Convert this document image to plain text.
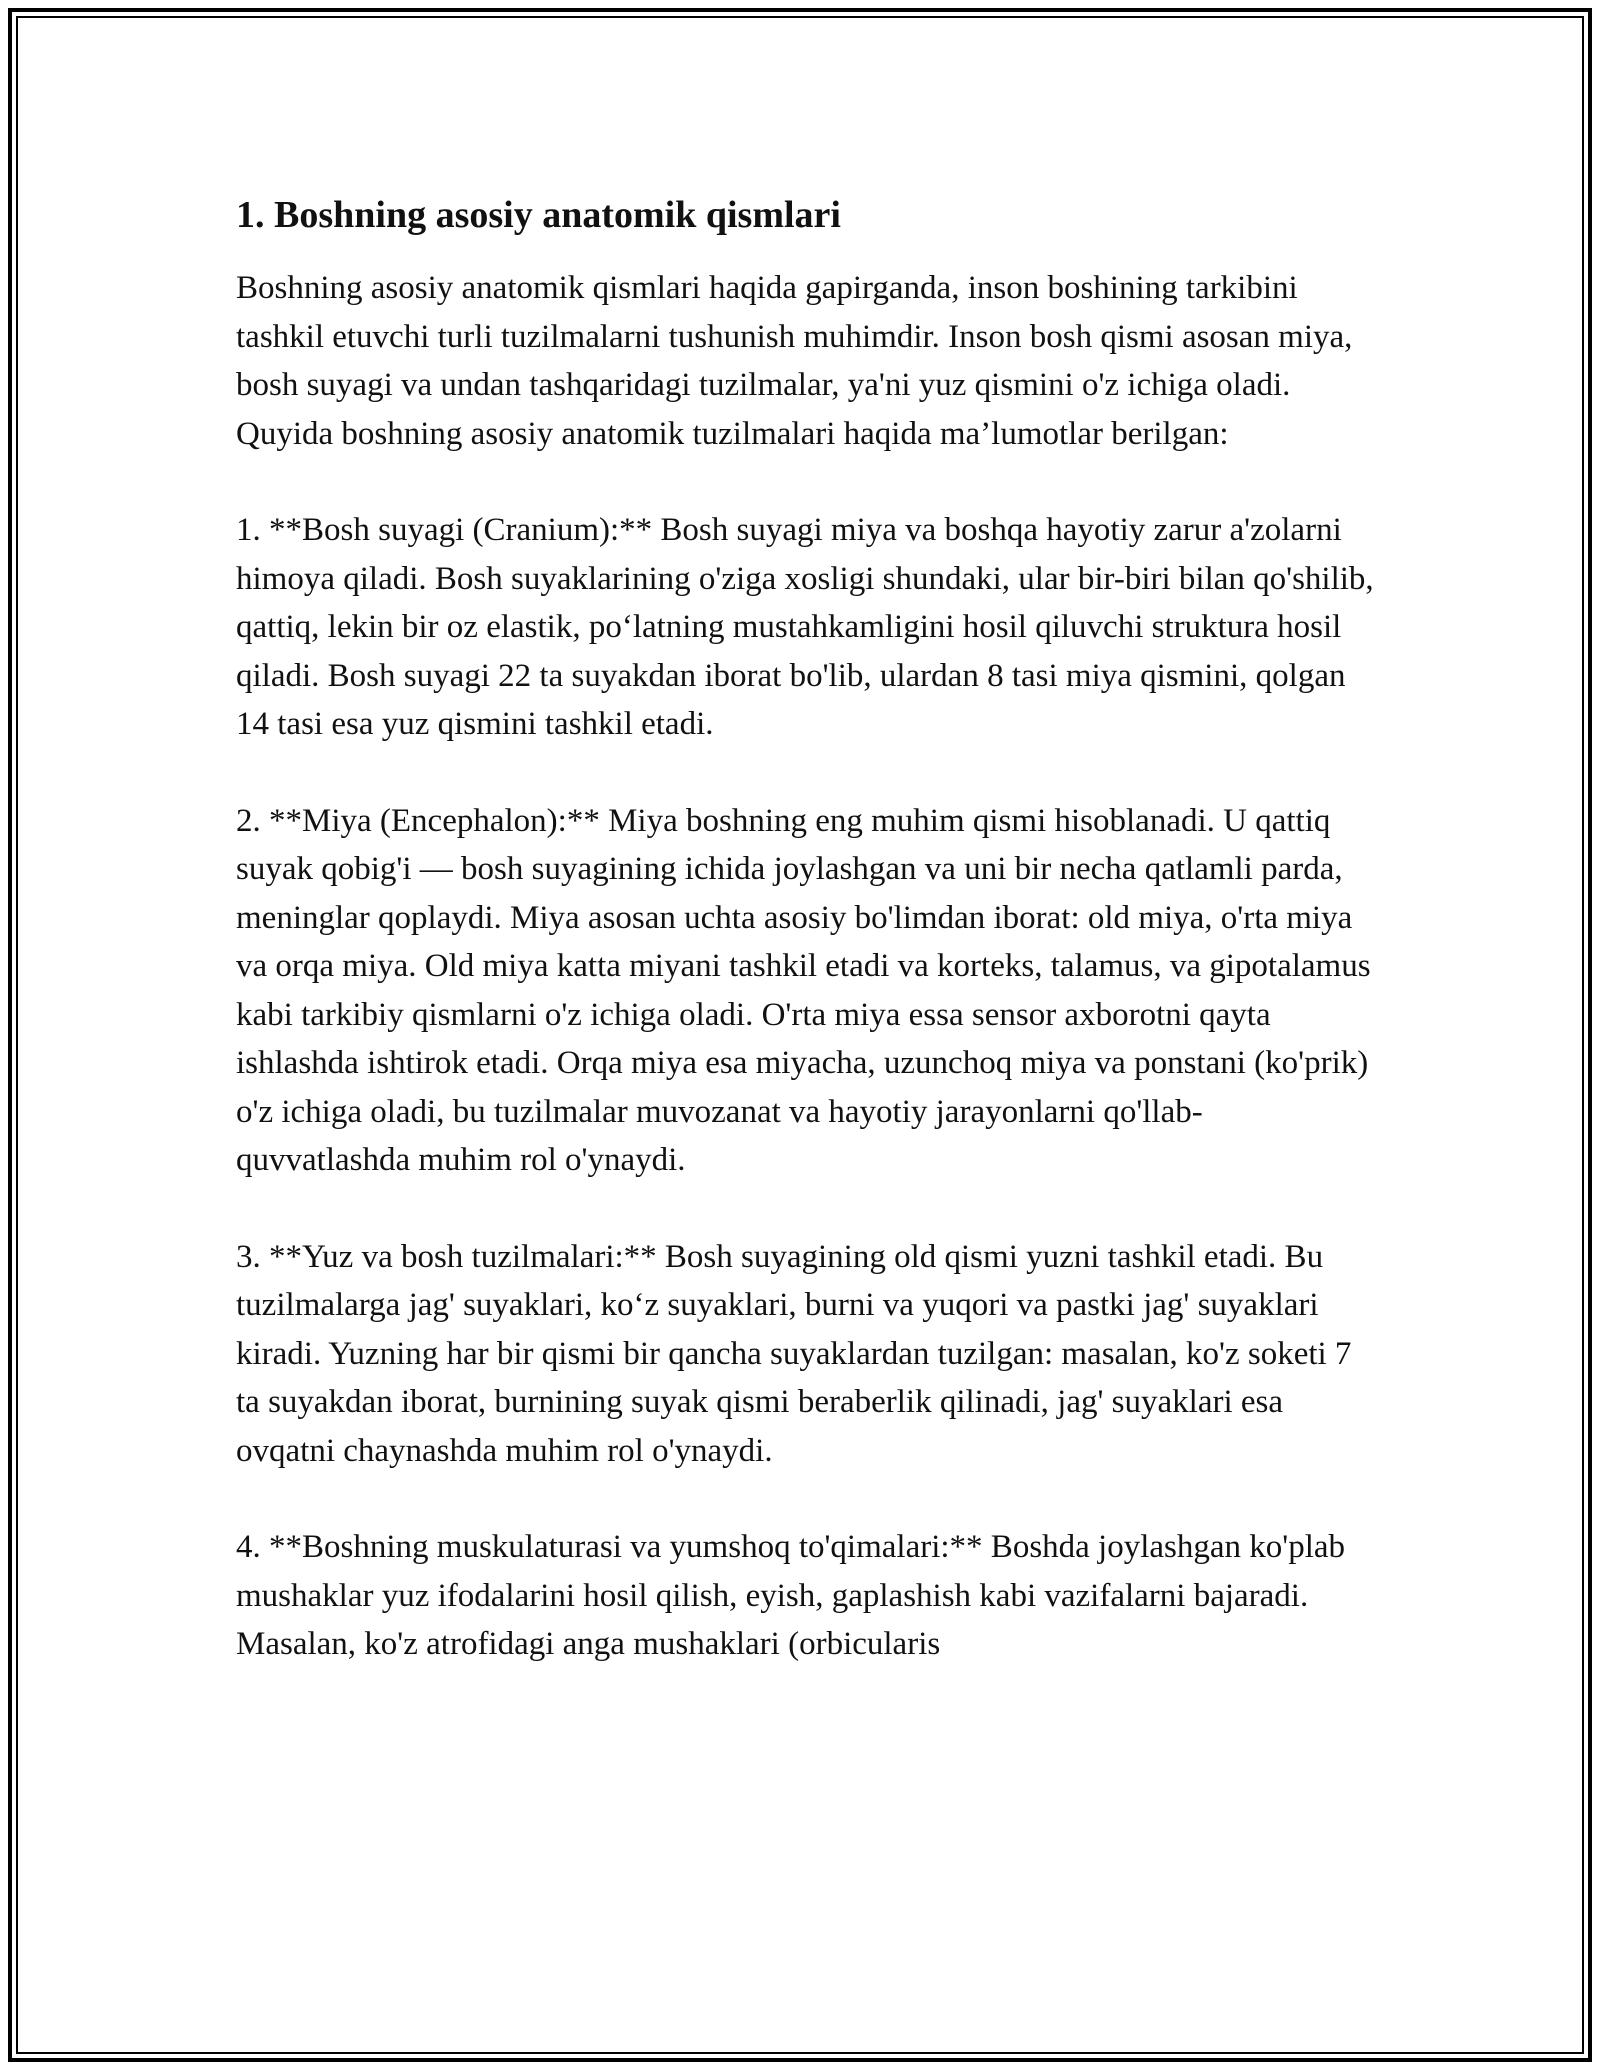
1. Boshning asosiy anatomik qismlari

Boshning asosiy anatomik qismlari haqida gapirganda, inson boshining tarkibini tashkil etuvchi turli tuzilmalarni tushunish muhimdir. Inson bosh qismi asosan miya, bosh suyagi va undan tashqaridagi tuzilmalar, ya'ni yuz qismini o'z ichiga oladi. Quyida boshning asosiy anatomik tuzilmalari haqida ma’lumotlar berilgan:

1. **Bosh suyagi (Cranium):** Bosh suyagi miya va boshqa hayotiy zarur a'zolarni himoya qiladi. Bosh suyaklarining o'ziga xosligi shundaki, ular bir-biri bilan qo'shilib, qattiq, lekin bir oz elastik, po‘latning mustahkamligini hosil qiluvchi struktura hosil qiladi. Bosh suyagi 22 ta suyakdan iborat bo'lib, ulardan 8 tasi miya qismini, qolgan 14 tasi esa yuz qismini tashkil etadi.

2. **Miya (Encephalon):** Miya boshning eng muhim qismi hisoblanadi. U qattiq suyak qobig'i — bosh suyagining ichida joylashgan va uni bir necha qatlamli parda, meninglar qoplaydi. Miya asosan uchta asosiy bo'limdan iborat: old miya, o'rta miya va orqa miya. Old miya katta miyani tashkil etadi va korteks, talamus, va gipotalamus kabi tarkibiy qismlarni o'z ichiga oladi. O'rta miya essa sensor axborotni qayta ishlashda ishtirok etadi. Orqa miya esa miyacha, uzunchoq miya va ponstani (ko'prik) o'z ichiga oladi, bu tuzilmalar muvozanat va hayotiy jarayonlarni qo'llab-quvvatlashda muhim rol o'ynaydi.

3. **Yuz va bosh tuzilmalari:** Bosh suyagining old qismi yuzni tashkil etadi. Bu tuzilmalarga jag' suyaklari, ko‘z suyaklari, burni va yuqori va pastki jag' suyaklari kiradi. Yuzning har bir qismi bir qancha suyaklardan tuzilgan: masalan, ko'z soketi 7 ta suyakdan iborat, burnining suyak qismi beraberlik qilinadi, jag' suyaklari esa ovqatni chaynashda muhim rol o'ynaydi.

4. **Boshning muskulaturasi va yumshoq to'qimalari:** Boshda joylashgan ko'plab mushaklar yuz ifodalarini hosil qilish, eyish, gaplashish kabi vazifalarni bajaradi. Masalan, ko'z atrofidagi anga mushaklari (orbicularis
